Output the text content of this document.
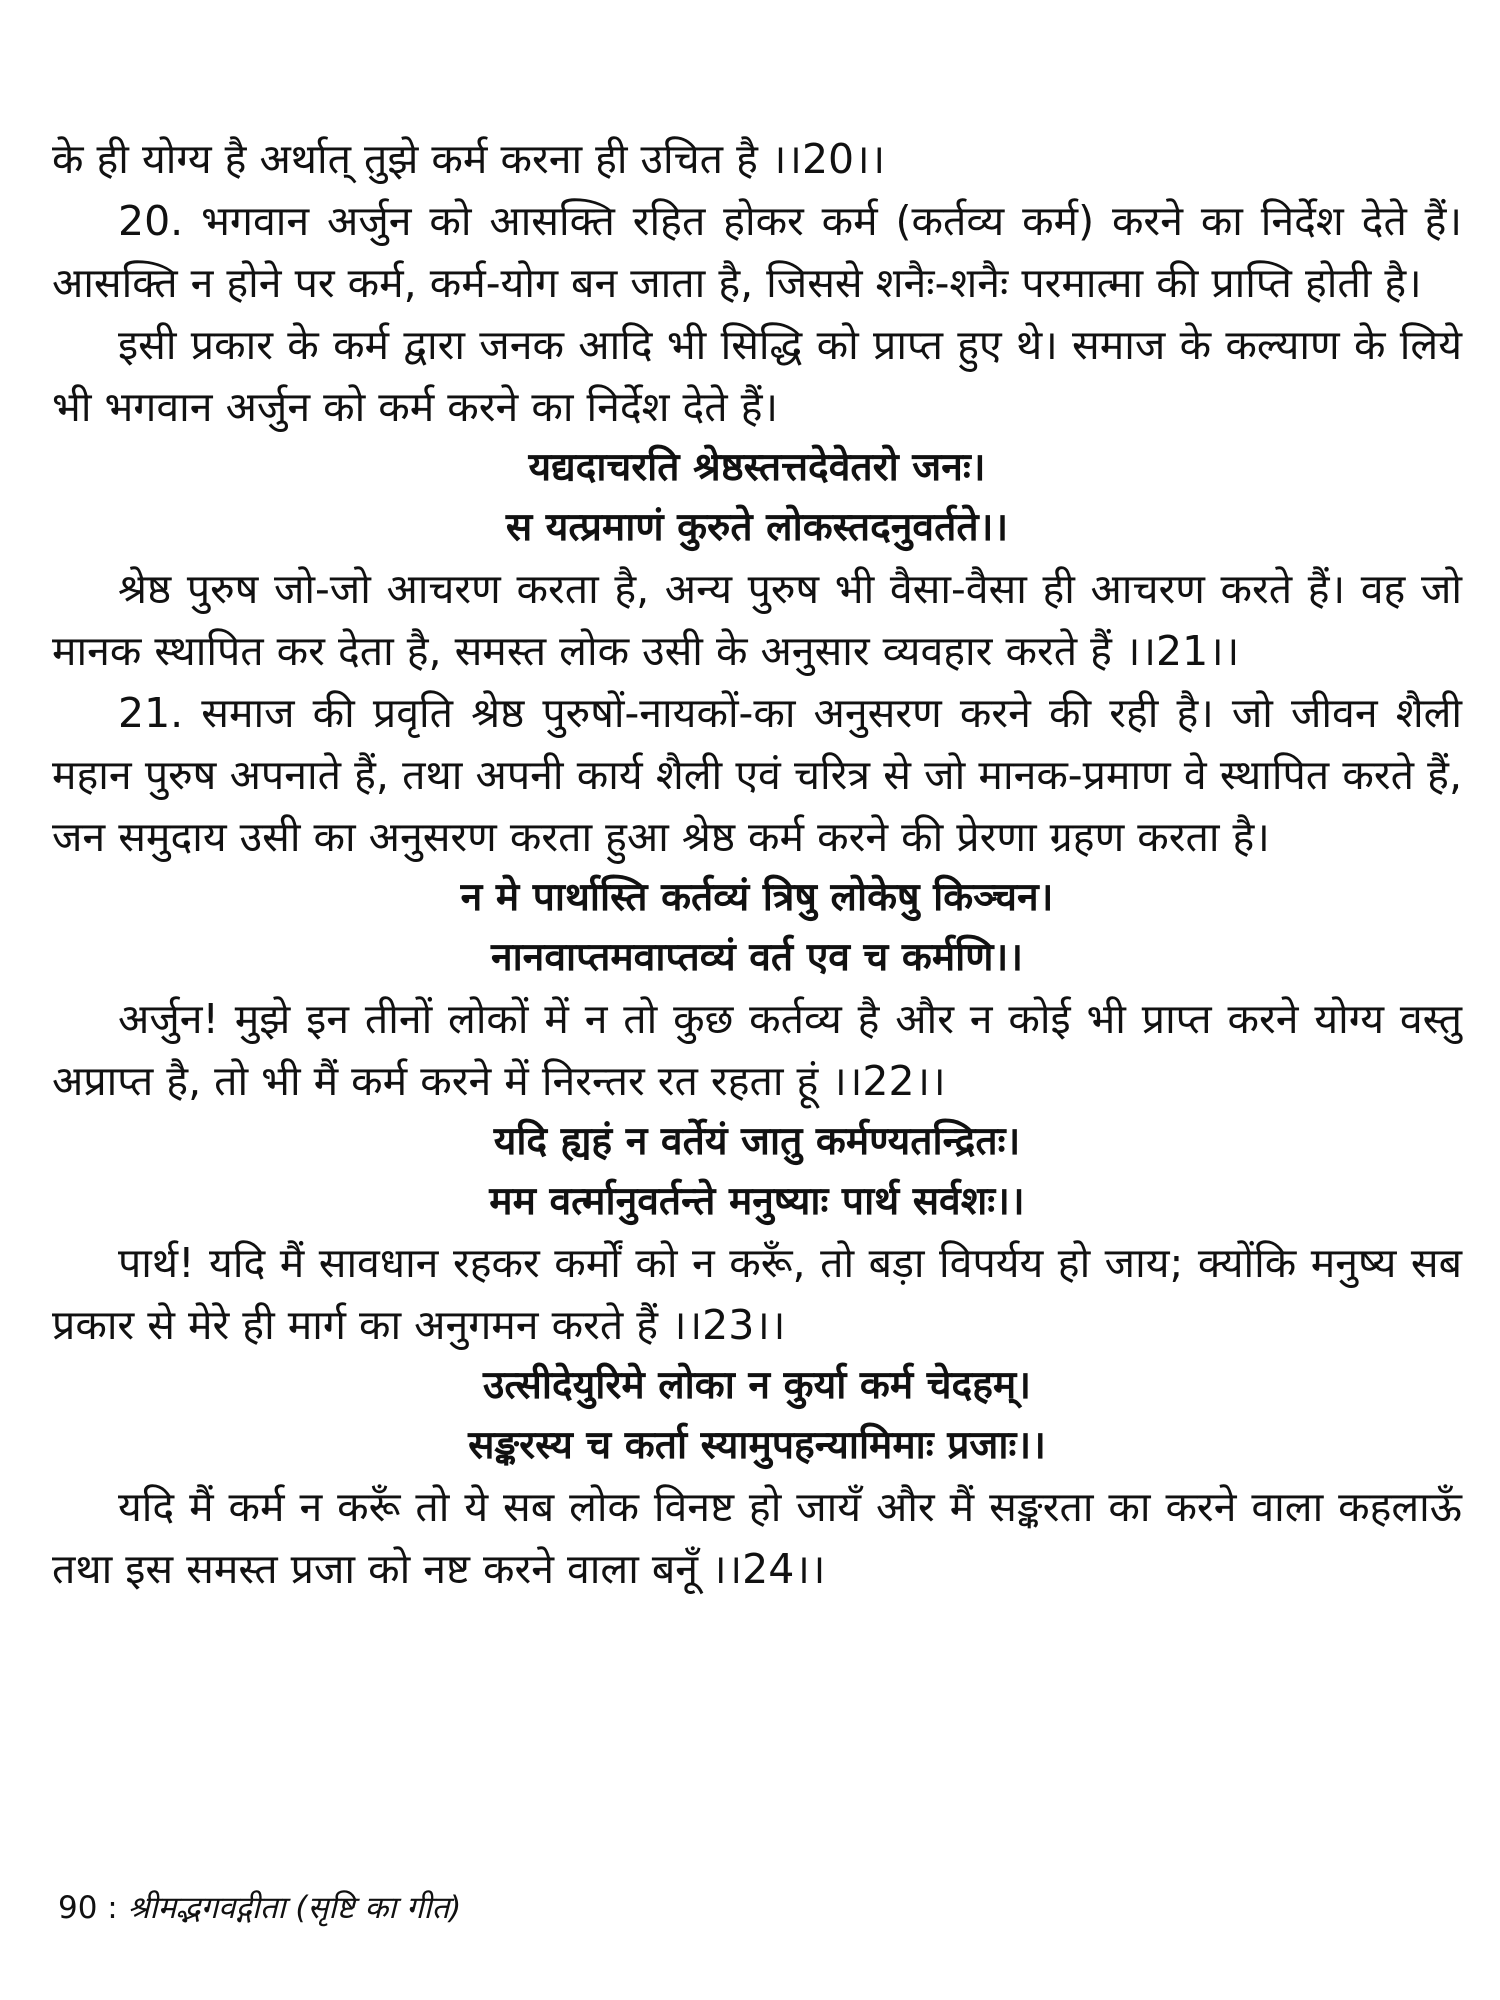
के ही योग्य है अर्थात् तुझे कर्म करना ही उचित है ।।20।।

20. भगवान अर्जुन को आसक्ति रहित होकर कर्म (कर्तव्य कर्म) करने का निर्देश देते हैं। आसक्ति न होने पर कर्म, कर्म-योग बन जाता है, जिससे शनैः-शनैः परमात्मा की प्राप्ति होती है।

इसी प्रकार के कर्म द्वारा जनक आदि भी सिद्धि को प्राप्त हुए थे। समाज के कल्याण के लिये भी भगवान अर्जुन को कर्म करने का निर्देश देते हैं।

यद्यदाचरति श्रेष्ठस्तत्तदेवेतरो जनः।

स यत्प्रमाणं कुरुते लोकस्तदनुवर्तते।।

श्रेष्ठ पुरुष जो-जो आचरण करता है, अन्य पुरुष भी वैसा-वैसा ही आचरण करते हैं। वह जो मानक स्थापित कर देता है, समस्त लोक उसी के अनुसार व्यवहार करते हैं ।।21।।

21. समाज की प्रवृति श्रेष्ठ पुरुषों-नायकों-का अनुसरण करने की रही है। जो जीवन शैली महान पुरुष अपनाते हैं, तथा अपनी कार्य शैली एवं चरित्र से जो मानक-प्रमाण वे स्थापित करते हैं, जन समुदाय उसी का अनुसरण करता हुआ श्रेष्ठ कर्म करने की प्रेरणा ग्रहण करता है।

न मे पार्थास्ति कर्तव्यं त्रिषु लोकेषु किञ्चन।

नानवाप्तमवाप्तव्यं वर्त एव च कर्मणि।।

अर्जुन! मुझे इन तीनों लोकों में न तो कुछ कर्तव्य है और न कोई भी प्राप्त करने योग्य वस्तु अप्राप्त है, तो भी मैं कर्म करने में निरन्तर रत रहता हूं ।।22।।

यदि ह्यहं न वर्तेयं जातु कर्मण्यतन्द्रितः।

मम वर्त्मानुवर्तन्ते मनुष्याः पार्थ सर्वशः।।

पार्थ! यदि मैं सावधान रहकर कर्मों को न करूँ, तो बड़ा विपर्यय हो जाय; क्योंकि मनुष्य सब प्रकार से मेरे ही मार्ग का अनुगमन करते हैं ।।23।।

उत्सीदेयुरिमे लोका न कुर्या कर्म चेदहम्।

सङ्करस्य च कर्ता स्यामुपहन्यामिमाः प्रजाः।।

यदि मैं कर्म न करूँ तो ये सब लोक विनष्ट हो जायँ और मैं सङ्करता का करने वाला कहलाऊँ तथा इस समस्त प्रजा को नष्ट करने वाला बनूँ ।।24।।

90 : श्रीमद्भगवद्गीता (सृष्टि का गीत)
